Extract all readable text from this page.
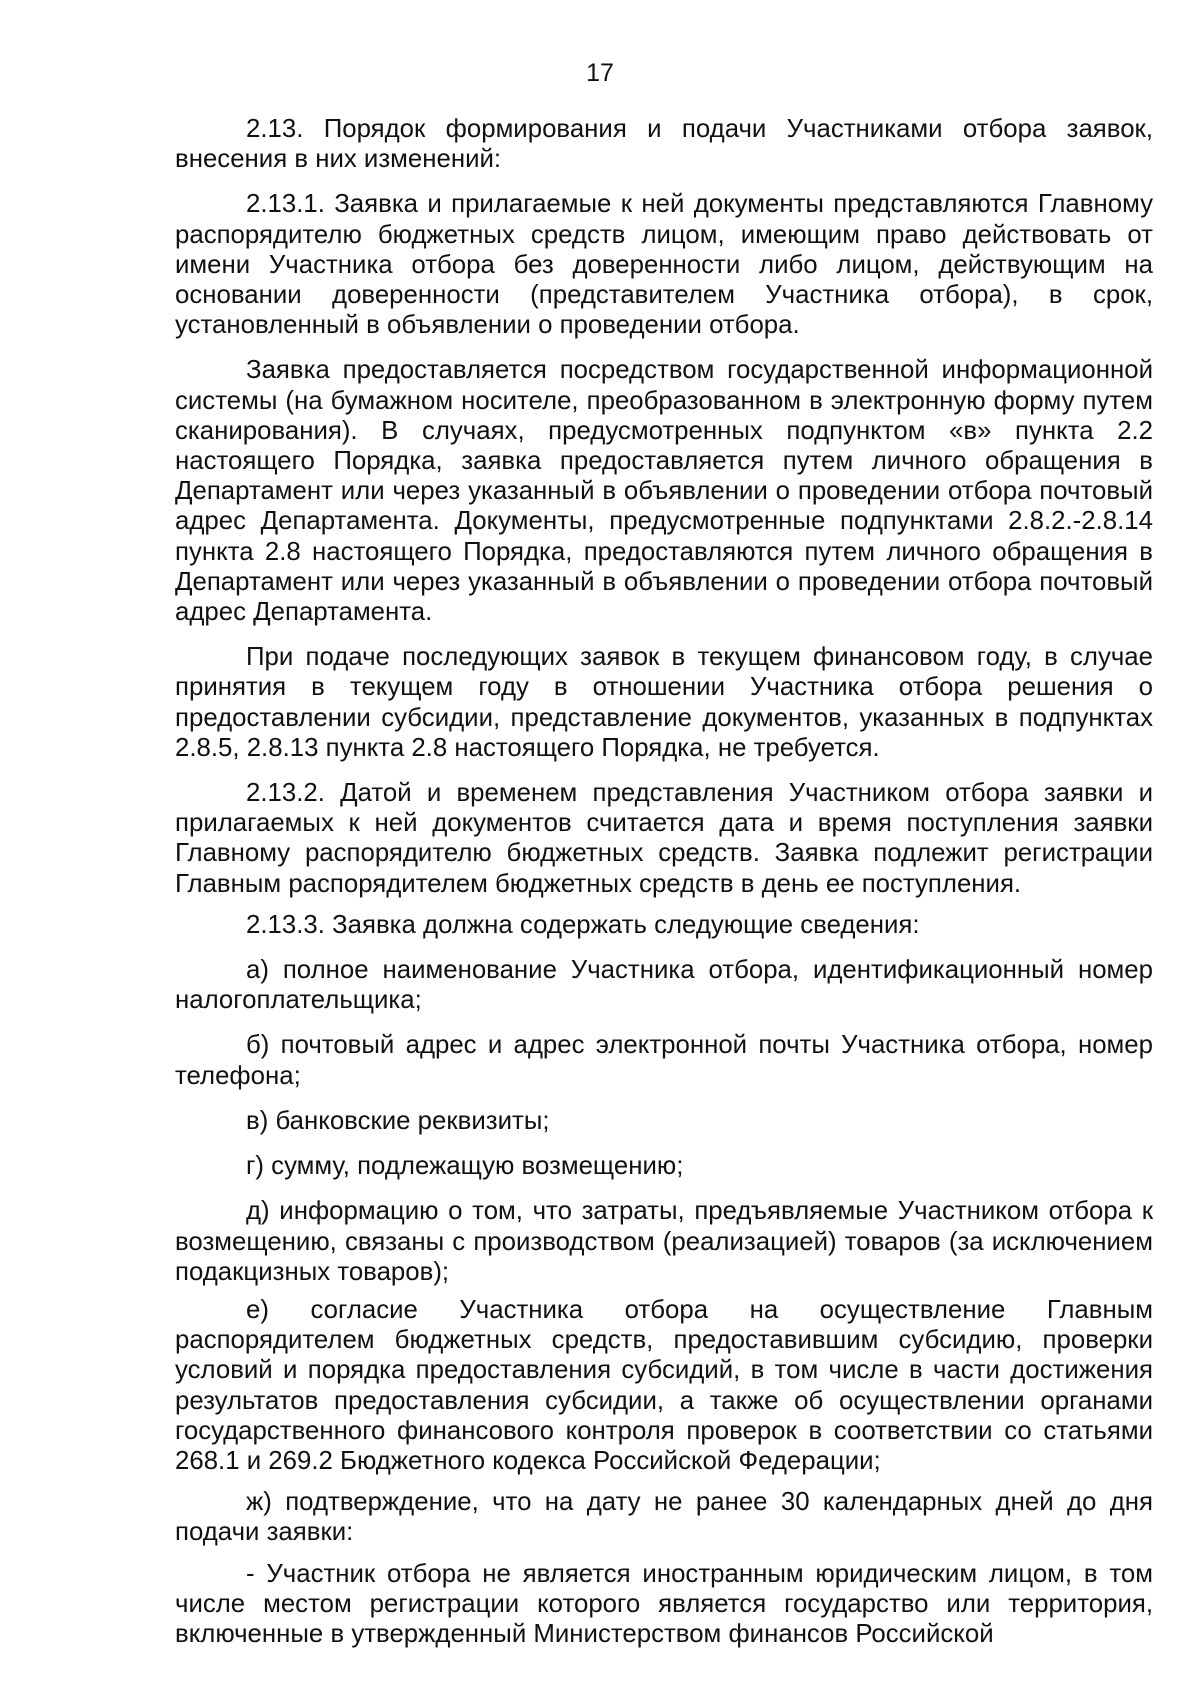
17

2.13. Порядок формирования и подачи Участниками отбора заявок, внесения в них изменений:

2.13.1. Заявка и прилагаемые к ней документы представляются Главному распорядителю бюджетных средств лицом, имеющим право действовать от имени Участника отбора без доверенности либо лицом, действующим на основании доверенности (представителем Участника отбора), в срок, установленный в объявлении о проведении отбора.

Заявка предоставляется посредством государственной информационной системы (на бумажном носителе, преобразованном в электронную форму путем сканирования). В случаях, предусмотренных подпунктом «в» пункта 2.2 настоящего Порядка, заявка предоставляется путем личного обращения в Департамент или через указанный в объявлении о проведении отбора почтовый адрес Департамента. Документы, предусмотренные подпунктами 2.8.2.-2.8.14 пункта 2.8 настоящего Порядка, предоставляются путем личного обращения в Департамент или через указанный в объявлении о проведении отбора почтовый адрес Департамента.

При подаче последующих заявок в текущем финансовом году, в случае принятия в текущем году в отношении Участника отбора решения о предоставлении субсидии, представление документов, указанных в подпунктах 2.8.5, 2.8.13 пункта 2.8 настоящего Порядка, не требуется.

2.13.2. Датой и временем представления Участником отбора заявки и прилагаемых к ней документов считается дата и время поступления заявки Главному распорядителю бюджетных средств. Заявка подлежит регистрации Главным распорядителем бюджетных средств в день ее поступления.

2.13.3. Заявка должна содержать следующие сведения:

а) полное наименование Участника отбора, идентификационный номер налогоплательщика;

б) почтовый адрес и адрес электронной почты Участника отбора, номер телефона;

в) банковские реквизиты;

г) сумму, подлежащую возмещению;

д) информацию о том, что затраты, предъявляемые Участником отбора к возмещению, связаны с производством (реализацией) товаров (за исключением подакцизных товаров);

е) согласие Участника отбора на осуществление Главным распорядителем бюджетных средств, предоставившим субсидию, проверки условий и порядка предоставления субсидий, в том числе в части достижения результатов предоставления субсидии, а также об осуществлении органами государственного финансового контроля проверок в соответствии со статьями 268.1 и 269.2 Бюджетного кодекса Российской Федерации;

ж) подтверждение, что на дату не ранее 30 календарных дней до дня подачи заявки:

- Участник отбора не является иностранным юридическим лицом, в том числе местом регистрации которого является государство или территория, включенные в утвержденный Министерством финансов Российской
